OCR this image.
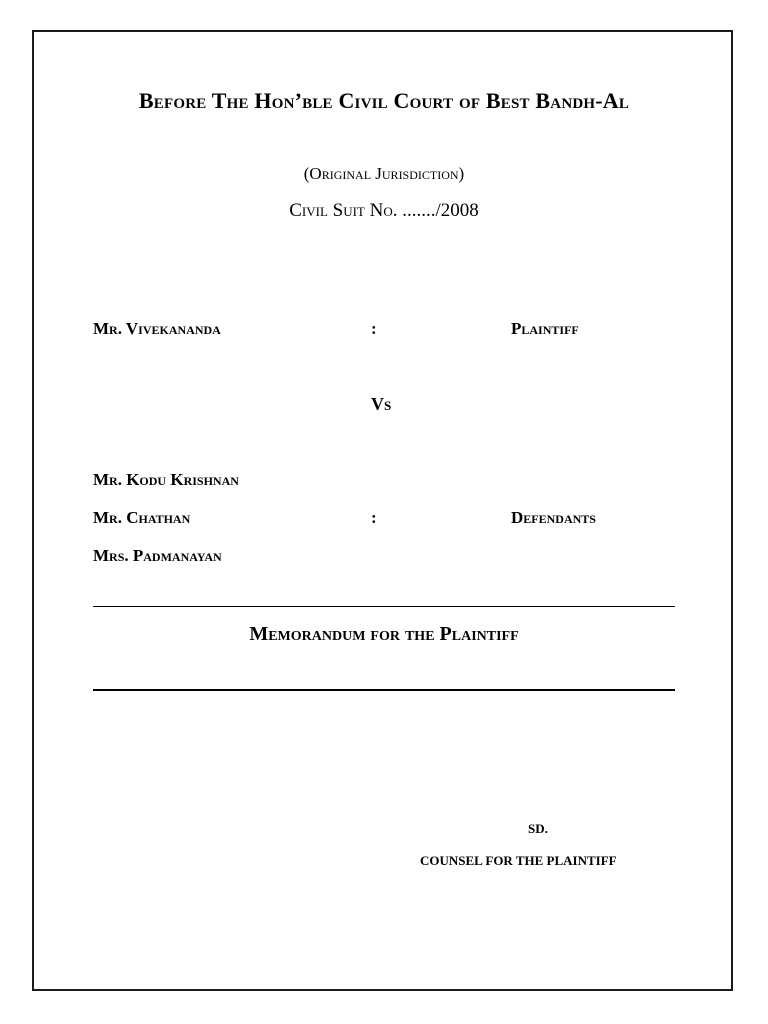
Before The Hon’ble Civil Court of Best Bandh-Al
(Original Jurisdiction)
Civil Suit No. ......./2008
Mr. Vivekananda	:	Plaintiff
Vs
Mr. Kodu Krishnan
Mr. Chathan	:	Defendants
Mrs. Padmanayan
Memorandum for the Plaintiff
SD.
COUNSEL FOR THE PLAINTIFF
